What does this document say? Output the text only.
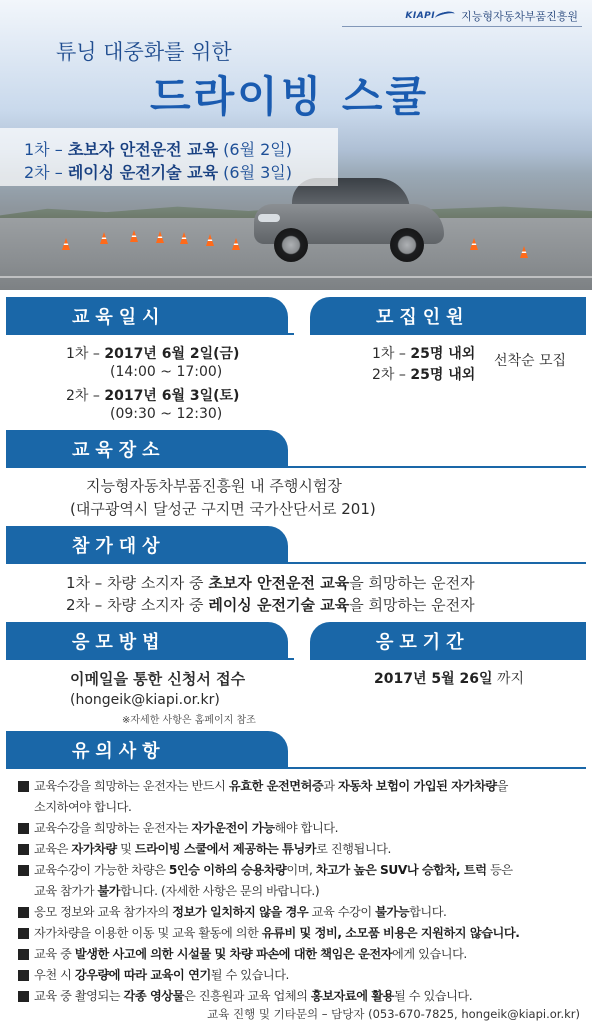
KIAPI 지능형자동차부품진흥원
튜닝 대중화를 위한
드라이빙 스쿨
1차 – 초보자 안전운전 교육 (6월 2일)
2차 – 레이싱 운전기술 교육 (6월 3일)
교육일시	모집인원
1차 – 2017년 6월 2일(금)
(14:00 ~ 17:00)
2차 – 2017년 6월 3일(토)
(09:30 ~ 12:30)
1차 – 25명 내외
2차 – 25명 내외
선착순 모집
교육장소
지능형자동차부품진흥원 내 주행시험장
(대구광역시 달성군 구지면 국가산단서로 201)
참가대상
1차 – 차량 소지자 중 초보자 안전운전 교육을 희망하는 운전자
2차 – 차량 소지자 중 레이싱 운전기술 교육을 희망하는 운전자
응모방법	응모기간
이메일을 통한 신청서 접수
(hongeik@kiapi.or.kr)
※자세한 사항은 홈페이지 참조
2017년 5월 26일 까지
유의사항
교육수강을 희망하는 운전자는 반드시 유효한 운전면허증과 자동차 보험이 가입된 자가차량을
소지하여야 합니다.
교육수강을 희망하는 운전자는 자가운전이 가능해야 합니다.
교육은 자가차량 및 드라이빙 스쿨에서 제공하는 튜닝카로 진행됩니다.
교육수강이 가능한 차량은 5인승 이하의 승용차량이며, 차고가 높은 SUV나 승합차, 트럭 등은
교육 참가가 불가합니다. (자세한 사항은 문의 바랍니다.)
응모 정보와 교육 참가자의 정보가 일치하지 않을 경우 교육 수강이 불가능합니다.
자가차량을 이용한 이동 및 교육 활동에 의한 유류비 및 정비, 소모품 비용은 지원하지 않습니다.
교육 중 발생한 사고에 의한 시설물 및 차량 파손에 대한 책임은 운전자에게 있습니다.
우천 시 강우량에 따라 교육이 연기될 수 있습니다.
교육 중 촬영되는 각종 영상물은 진흥원과 교육 업체의 홍보자료에 활용될 수 있습니다.
교육 진행 및 기타문의 – 담당자 (053-670-7825, hongeik@kiapi.or.kr)
